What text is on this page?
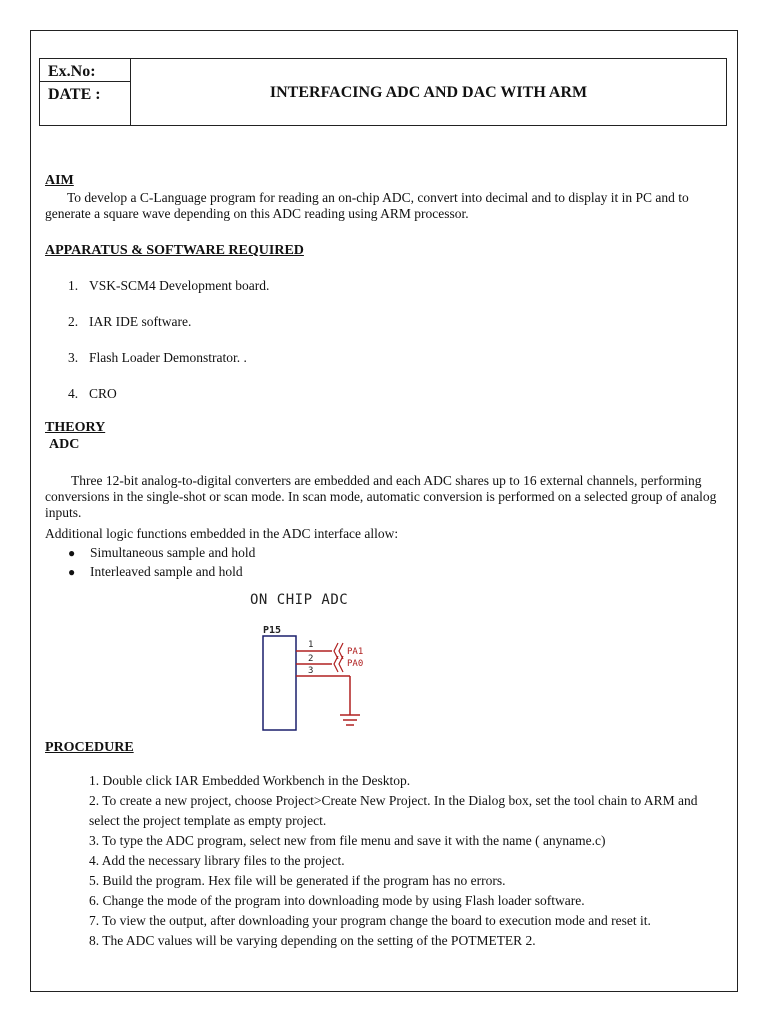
Ex.No:
DATE :	INTERFACING ADC AND DAC WITH ARM
AIM

To develop a C-Language program for reading an on-chip ADC, convert into decimal and to display it in PC and to generate a square wave depending on this ADC reading using ARM processor.

APPARATUS & SOFTWARE REQUIRED
1. VSK-SCM4 Development board.
2. IAR IDE software.
3. Flash Loader Demonstrator. .
4. CRO
THEORY
ADC

Three 12-bit analog-to-digital converters are embedded and each ADC shares up to 16 external channels, performing conversions in the single-shot or scan mode. In scan mode, automatic conversion is performed on a selected group of analog inputs.

Additional logic functions embedded in the ADC interface allow:
● Simultaneous sample and hold
● Interleaved sample and hold
ON CHIP ADC
P15
1
2
3
PA1
PA0
PROCEDURE
1. Double click IAR Embedded Workbench in the Desktop.
2. To create a new project, choose Project>Create New Project. In the Dialog box, set the tool chain to ARM and select the project template as empty project.
3. To type the ADC program, select new from file menu and save it with the name ( anyname.c)
4. Add the necessary library files to the project.
5. Build the program. Hex file will be generated if the program has no errors.
6. Change the mode of the program into downloading mode by using Flash loader software.
7. To view the output, after downloading your program change the board to execution mode and reset it.
8. The ADC values will be varying depending on the setting of the POTMETER 2.
